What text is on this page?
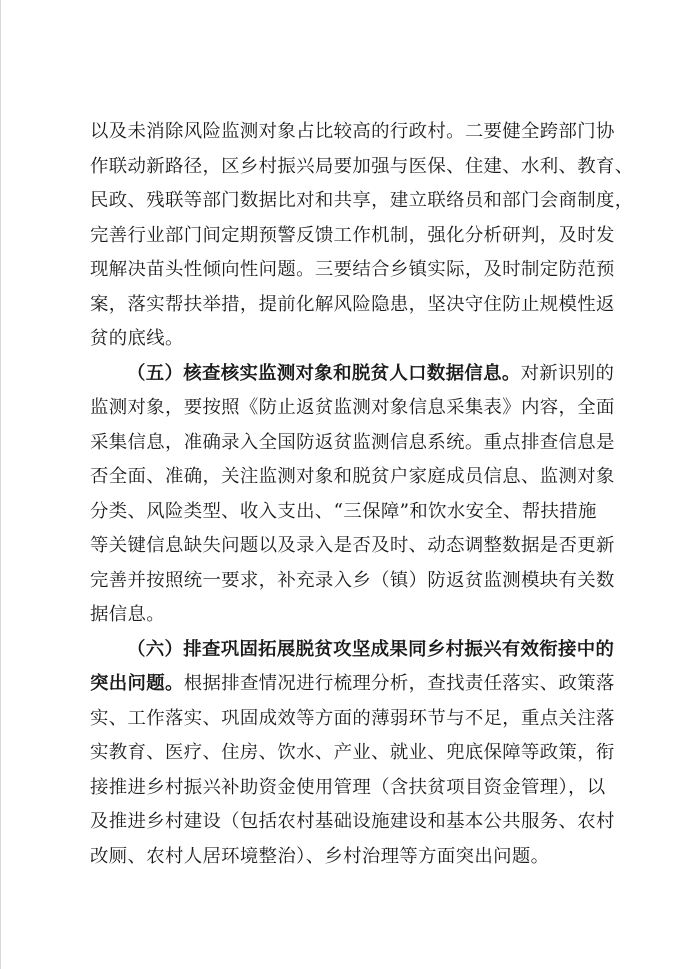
以及未消除风险监测对象占比较高的行政村。二要健全跨部门协
作联动新路径，区乡村振兴局要加强与医保、住建、水利、教育、
民政、残联等部门数据比对和共享，建立联络员和部门会商制度，
完善行业部门间定期预警反馈工作机制，强化分析研判，及时发
现解决苗头性倾向性问题。三要结合乡镇实际，及时制定防范预
案，落实帮扶举措，提前化解风险隐患，坚决守住防止规模性返
贫的底线。
（五）核查核实监测对象和脱贫人口数据信息。对新识别的
监测对象，要按照《防止返贫监测对象信息采集表》内容，全面
采集信息，准确录入全国防返贫监测信息系统。重点排查信息是
否全面、准确，关注监测对象和脱贫户家庭成员信息、监测对象
分类、风险类型、收入支出、“三保障”和饮水安全、帮扶措施
等关键信息缺失问题以及录入是否及时、动态调整数据是否更新
完善并按照统一要求，补充录入乡（镇）防返贫监测模块有关数
据信息。
（六）排查巩固拓展脱贫攻坚成果同乡村振兴有效衔接中的
突出问题。根据排查情况进行梳理分析，查找责任落实、政策落
实、工作落实、巩固成效等方面的薄弱环节与不足，重点关注落
实教育、医疗、住房、饮水、产业、就业、兜底保障等政策，衔
接推进乡村振兴补助资金使用管理（含扶贫项目资金管理），以
及推进乡村建设（包括农村基础设施建设和基本公共服务、农村
改厕、农村人居环境整治）、乡村治理等方面突出问题。
